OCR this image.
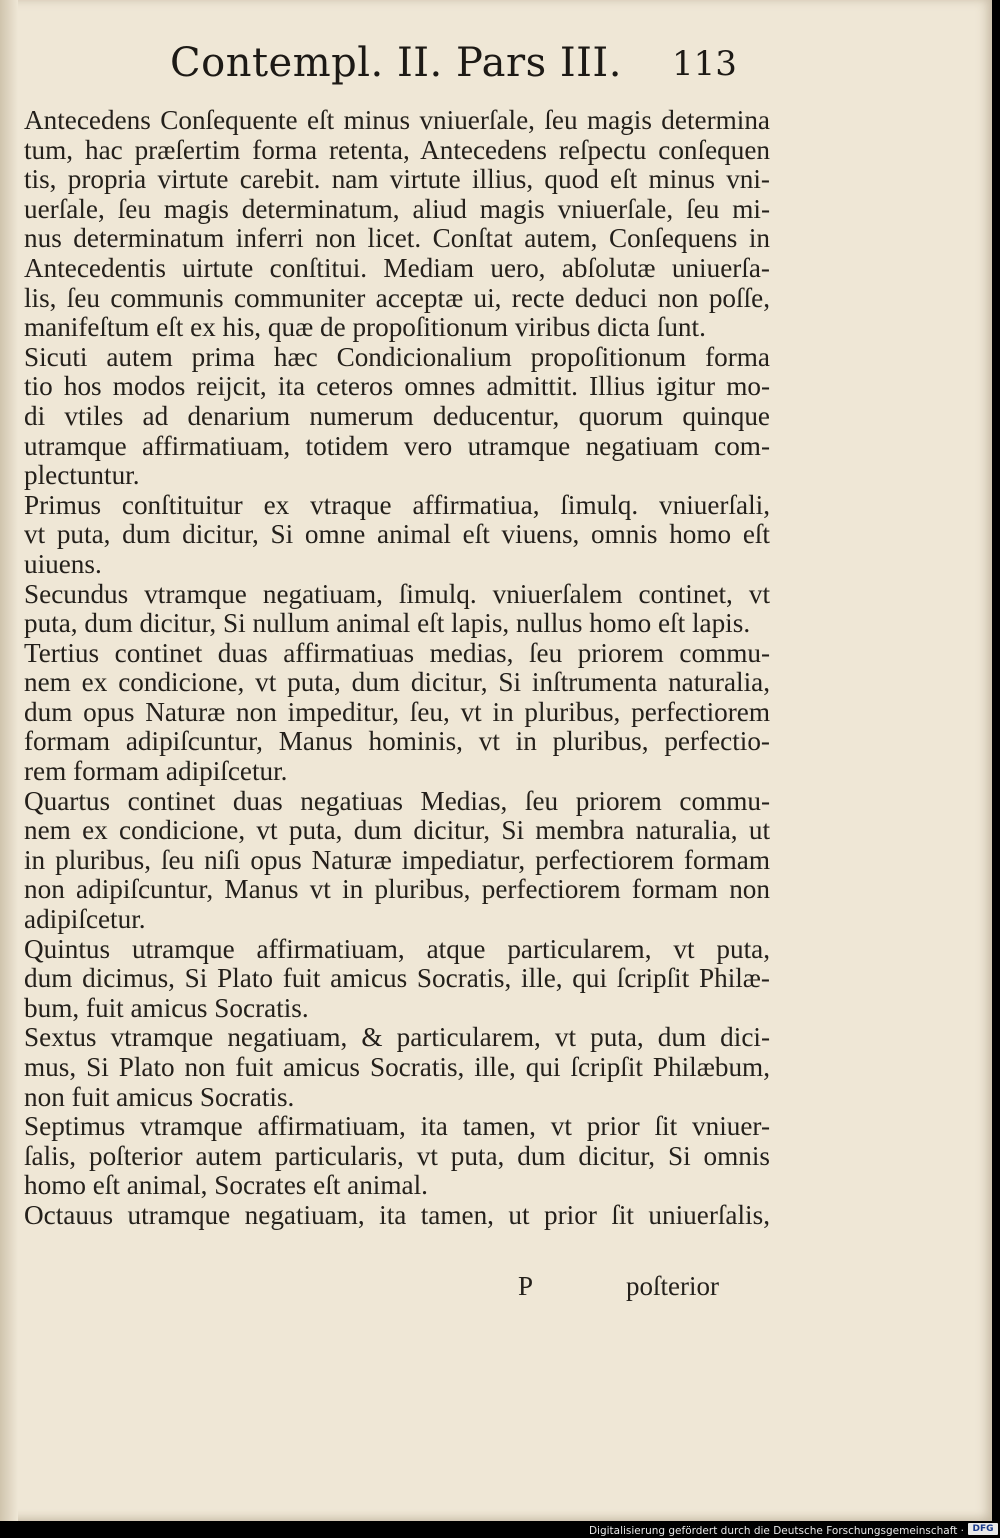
Contempl. II. Pars III. 113
Antecedens Conſequente eſt minus vniuerſale, ſeu magis determina
tum, hac præſertim forma retenta, Antecedens reſpectu conſequen
tis, propria virtute carebit. nam virtute illius, quod eſt minus vni-
uerſale, ſeu magis determinatum, aliud magis vniuerſale, ſeu mi-
nus determinatum inferri non licet. Conſtat autem, Conſequens in
Antecedentis uirtute conſtitui. Mediam uero, abſolutæ uniuerſa-
lis, ſeu communis communiter acceptæ ui, recte deduci non poſſe,
manifeſtum eſt ex his, quæ de propoſitionum viribus dicta ſunt.
Sicuti autem prima hæc Condicionalium propoſitionum forma
tio hos modos reijcit, ita ceteros omnes admittit. Illius igitur mo-
di vtiles ad denarium numerum deducentur, quorum quinque
utramque affirmatiuam, totidem vero utramque negatiuam com-
plectuntur.
Primus conſtituitur ex vtraque affirmatiua, ſimulq. vniuerſali,
vt puta, dum dicitur, Si omne animal eſt viuens, omnis homo eſt
uiuens.
Secundus vtramque negatiuam, ſimulq. vniuerſalem continet, vt
puta, dum dicitur, Si nullum animal eſt lapis, nullus homo eſt lapis.
Tertius continet duas affirmatiuas medias, ſeu priorem commu-
nem ex condicione, vt puta, dum dicitur, Si inſtrumenta naturalia,
dum opus Naturæ non impeditur, ſeu, vt in pluribus, perfectiorem
formam adipiſcuntur, Manus hominis, vt in pluribus, perfectio-
rem formam adipiſcetur.
Quartus continet duas negatiuas Medias, ſeu priorem commu-
nem ex condicione, vt puta, dum dicitur, Si membra naturalia, ut
in pluribus, ſeu niſi opus Naturæ impediatur, perfectiorem formam
non adipiſcuntur, Manus vt in pluribus, perfectiorem formam non
adipiſcetur.
Quintus utramque affirmatiuam, atque particularem, vt puta,
dum dicimus, Si Plato fuit amicus Socratis, ille, qui ſcripſit Philæ-
bum, fuit amicus Socratis.
Sextus vtramque negatiuam, & particularem, vt puta, dum dici-
mus, Si Plato non fuit amicus Socratis, ille, qui ſcripſit Philæbum,
non fuit amicus Socratis.
Septimus vtramque affirmatiuam, ita tamen, vt prior ſit vniuer-
ſalis, poſterior autem particularis, vt puta, dum dicitur, Si omnis
homo eſt animal, Socrates eſt animal.
Octauus utramque negatiuam, ita tamen, ut prior ſit uniuerſalis,
P	poſterior
Digitalisierung gefördert durch die Deutsche Forschungsgemeinschaft · DFG
